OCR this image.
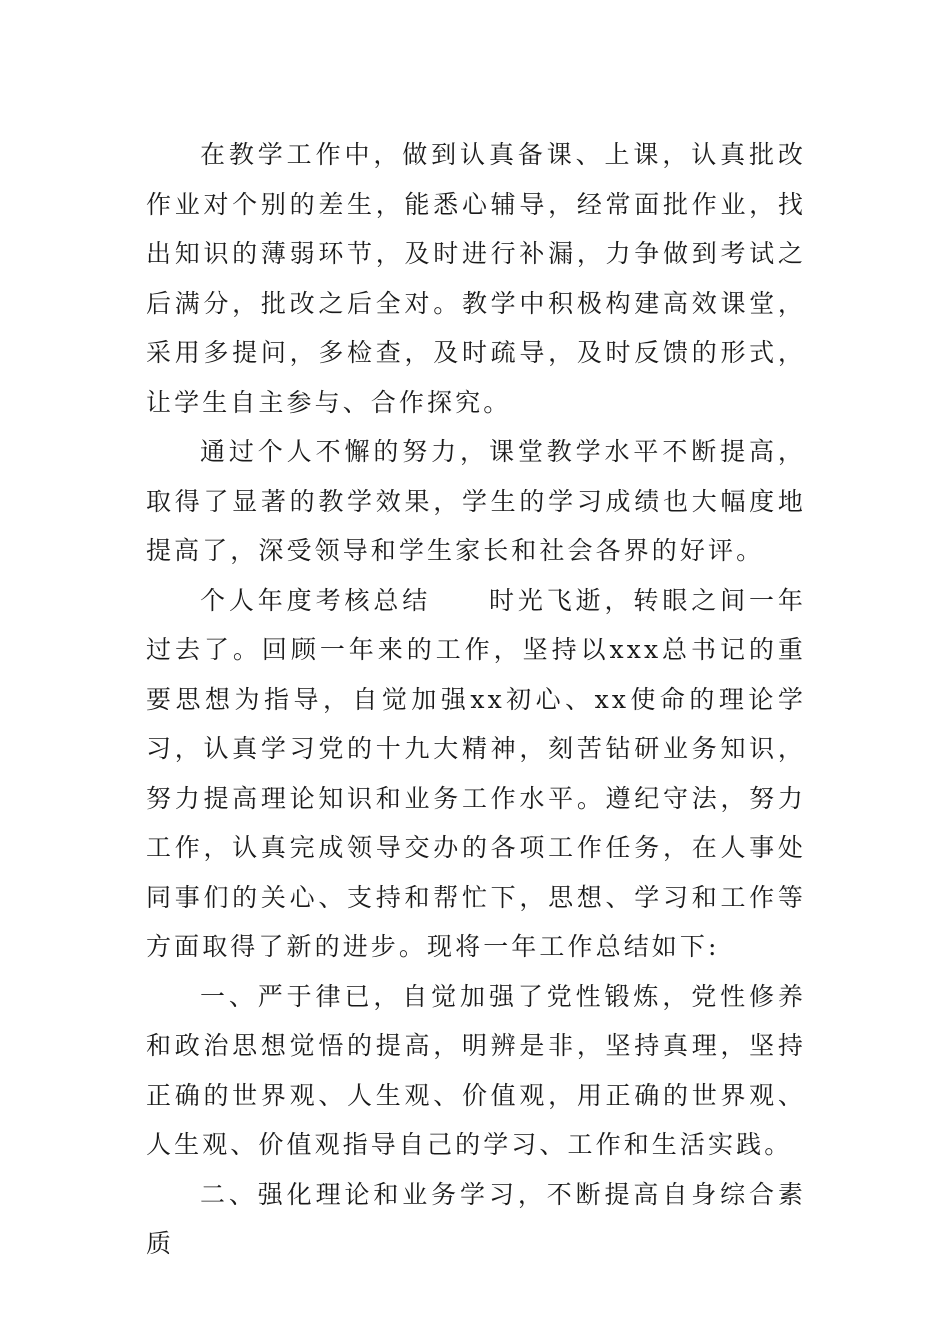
在教学工作中，做到认真备课、上课，认真批改作业对个别的差生，能悉心辅导，经常面批作业，找出知识的薄弱环节，及时进行补漏，力争做到考试之后满分，批改之后全对。教学中积极构建高效课堂，采用多提问，多检查，及时疏导，及时反馈的形式，让学生自主参与、合作探究。

通过个人不懈的努力，课堂教学水平不断提高，取得了显著的教学效果，学生的学习成绩也大幅度地提高了，深受领导和学生家长和社会各界的好评。

个人年度考核总结　　时光飞逝，转眼之间一年过去了。回顾一年来的工作，坚持以xxx总书记的重要思想为指导，自觉加强xx初心、xx使命的理论学习，认真学习党的十九大精神，刻苦钻研业务知识，努力提高理论知识和业务工作水平。遵纪守法，努力工作，认真完成领导交办的各项工作任务，在人事处同事们的关心、支持和帮忙下，思想、学习和工作等方面取得了新的进步。现将一年工作总结如下:

一、严于律已，自觉加强了党性锻炼，党性修养和政治思想觉悟的提高，明辨是非，坚持真理，坚持正确的世界观、人生观、价值观，用正确的世界观、人生观、价值观指导自己的学习、工作和生活实践。

二、强化理论和业务学习，不断提高自身综合素质
